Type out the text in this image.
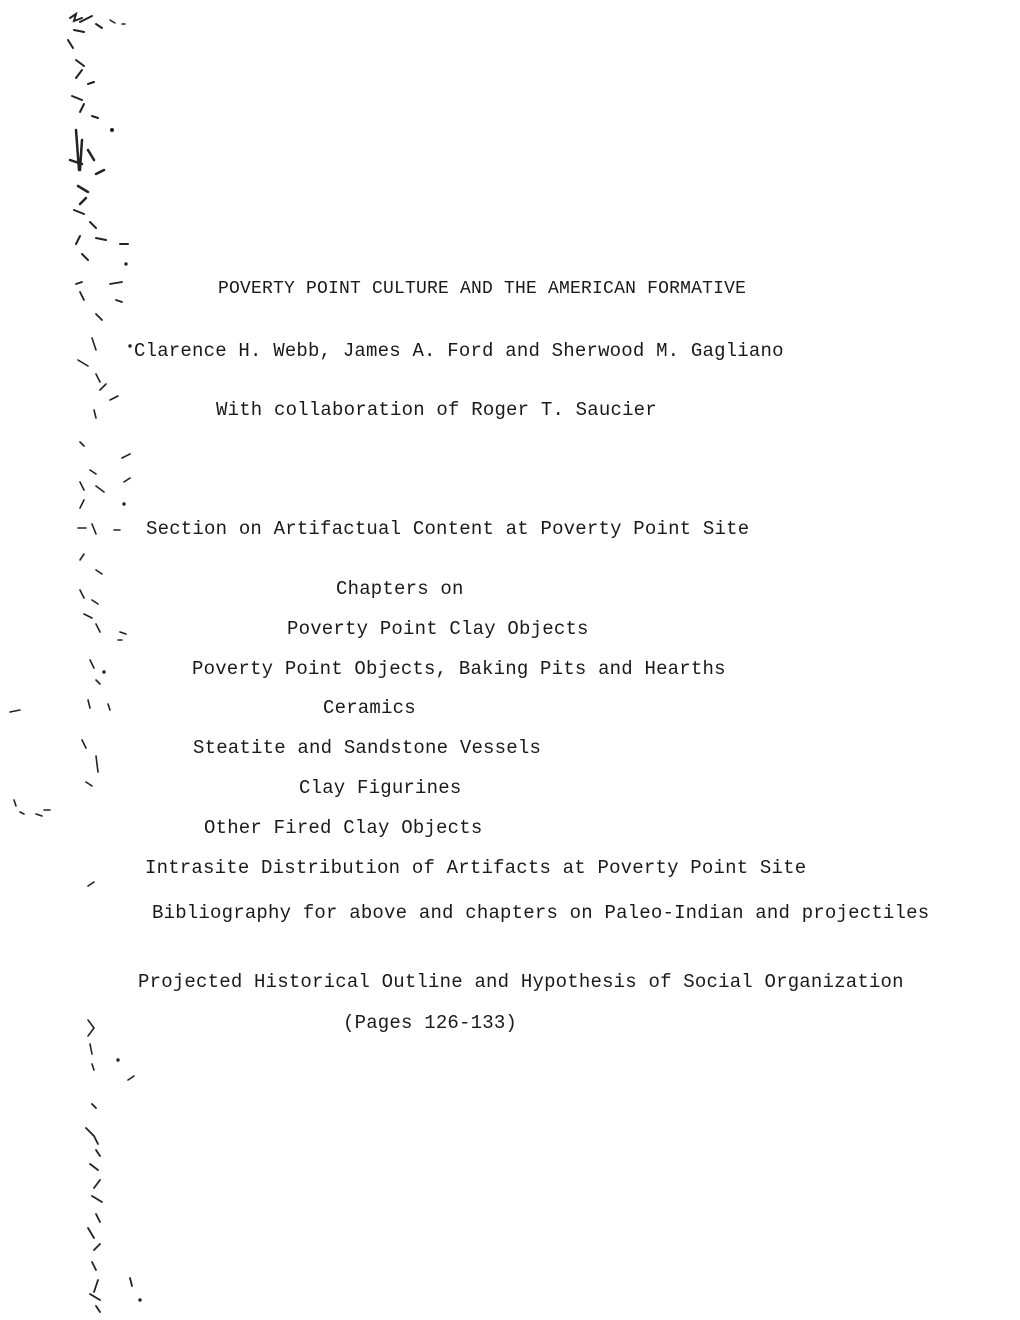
POVERTY POINT CULTURE AND THE AMERICAN FORMATIVE
Clarence H. Webb, James A. Ford and Sherwood M. Gagliano
With collaboration of Roger T. Saucier
Section on Artifactual Content at Poverty Point Site
Chapters on
Poverty Point Clay Objects
Poverty Point Objects, Baking Pits and Hearths
Ceramics
Steatite and Sandstone Vessels
Clay Figurines
Other Fired Clay Objects
Intrasite Distribution of Artifacts at Poverty Point Site
Bibliography for above and chapters on Paleo-Indian and projectiles
Projected Historical Outline and Hypothesis of Social Organization
(Pages 126-133)
